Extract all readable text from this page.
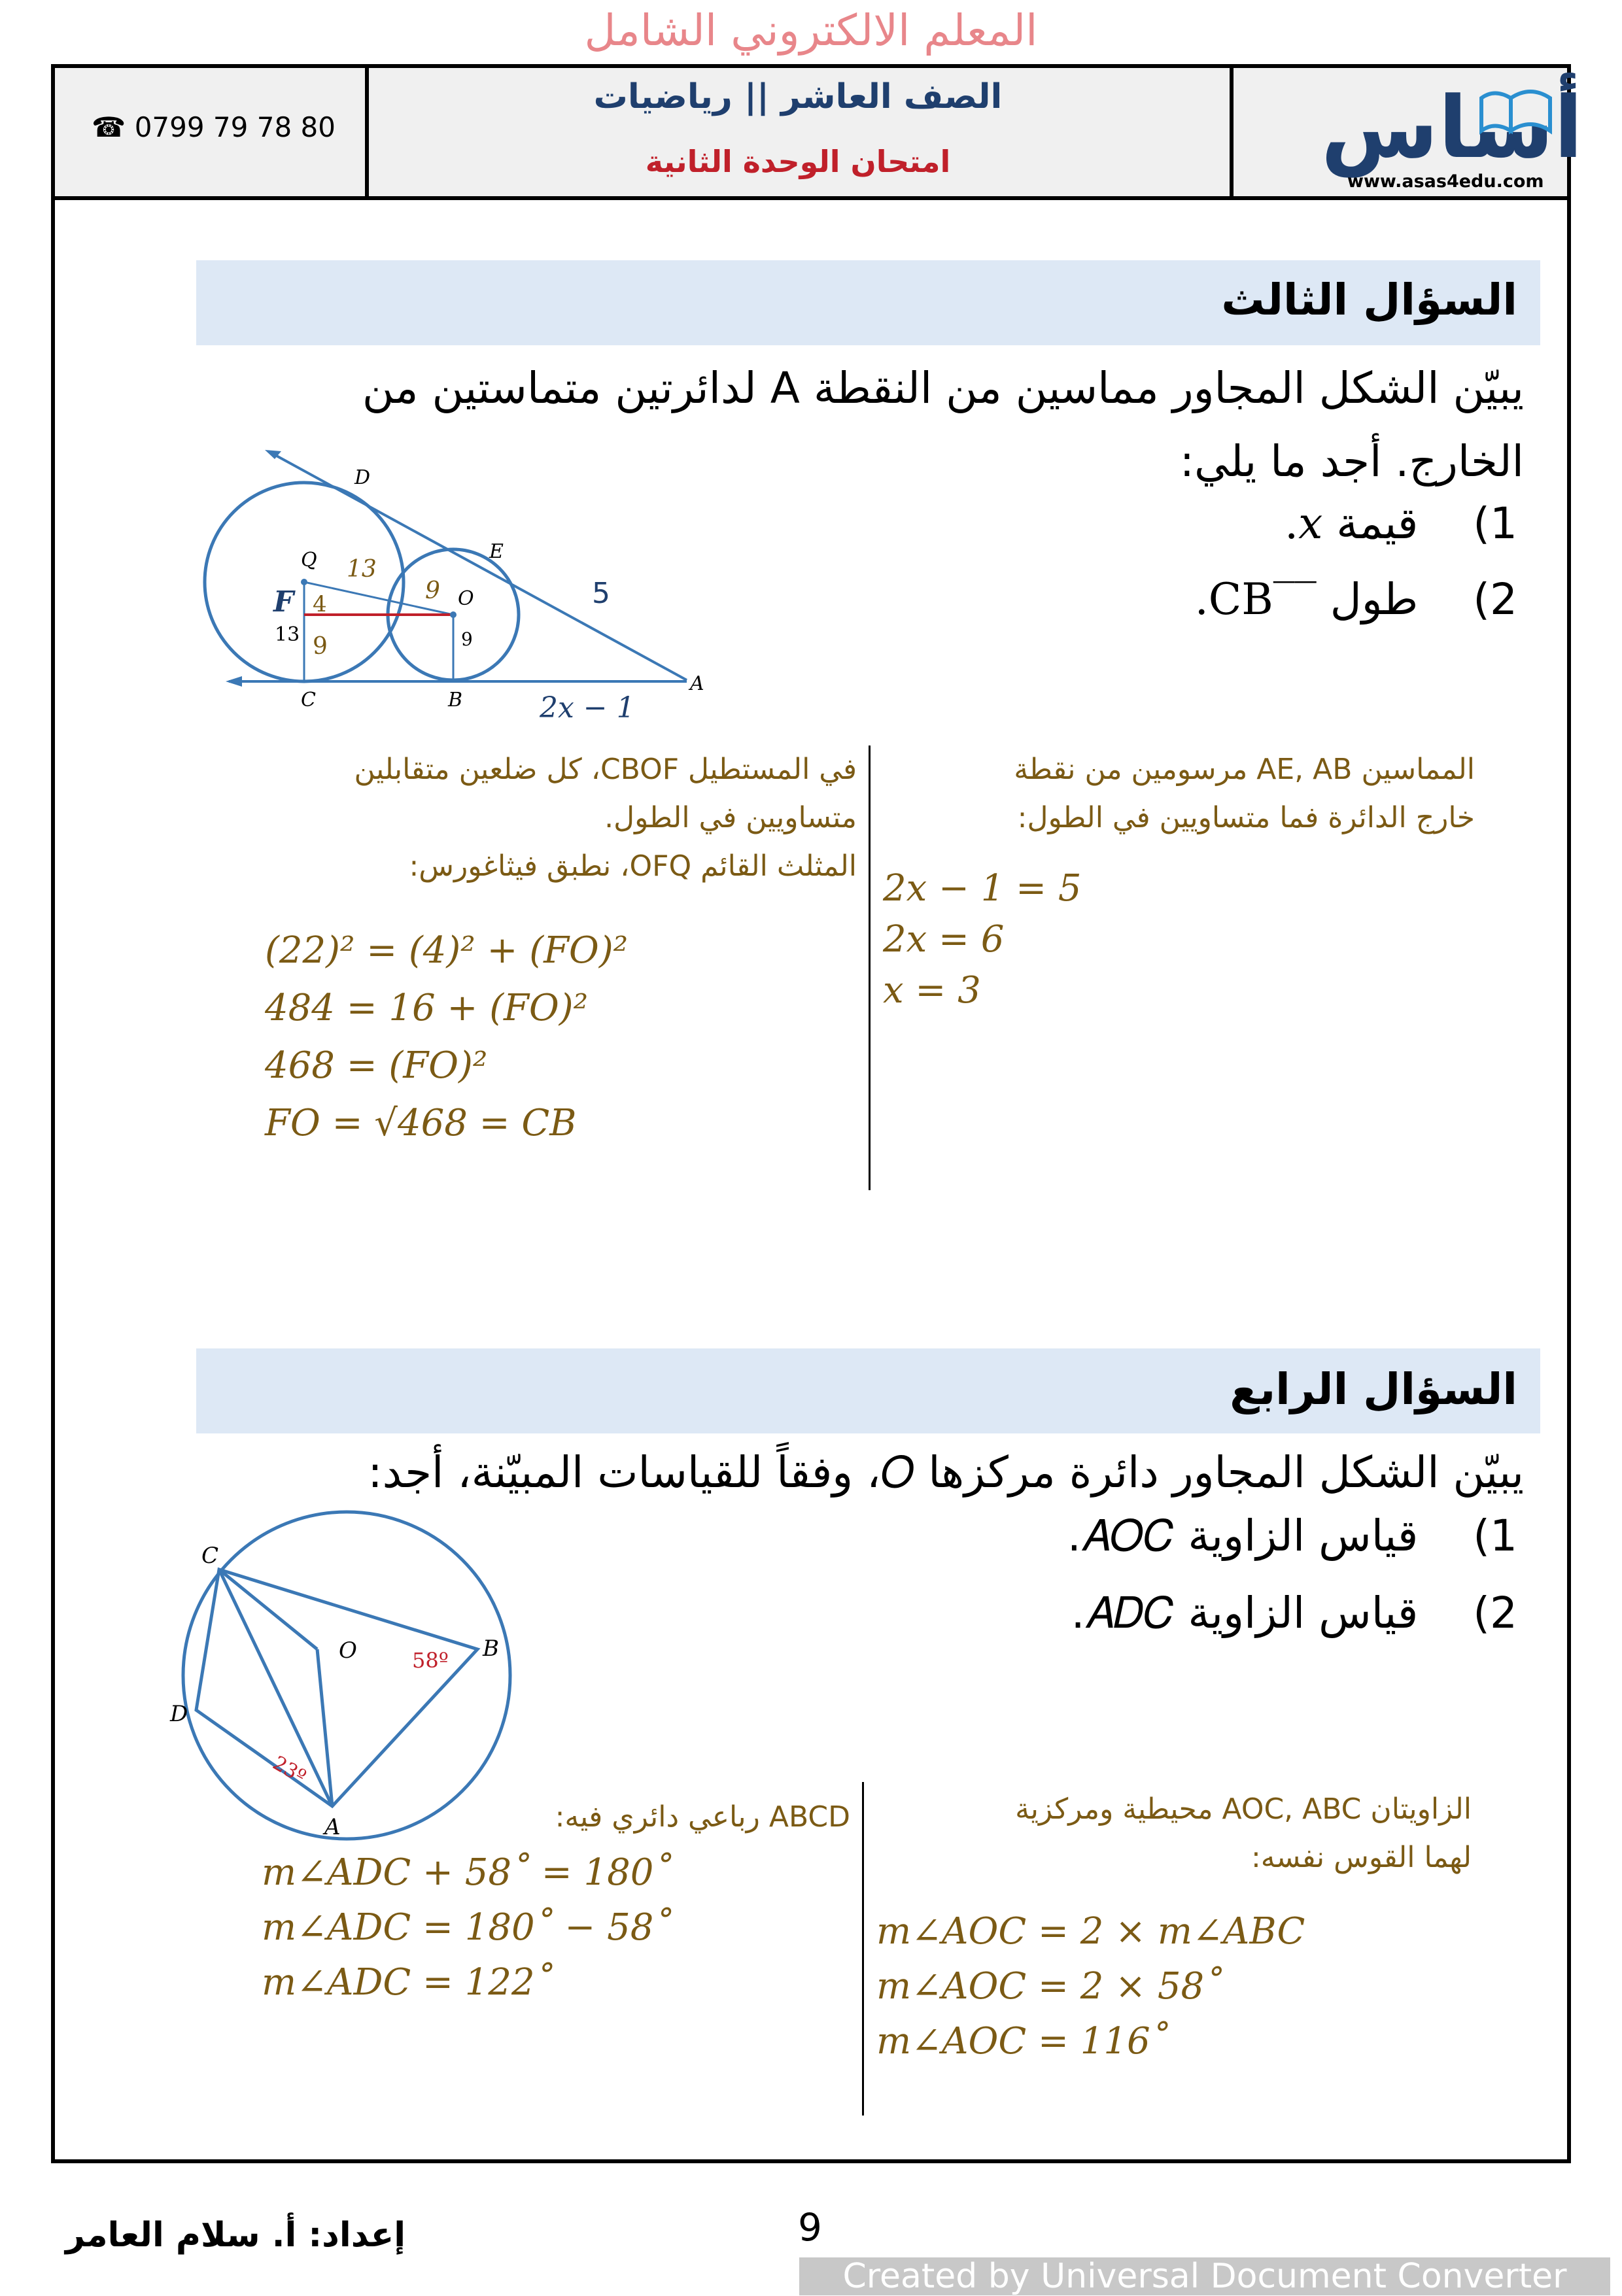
المعلم الالكتروني الشامل
☎︎ 0799 79 78 80
الصف العاشر || رياضيات
امتحان الوحدة الثانية	أساس
www.asas4edu.com
السؤال الثالث
يبيّن الشكل المجاور مماسين من النقطة A لدائرتين متماستين من الخارج. أجد ما يلي:
1)    قيمة 𝑥.
2)    طول ‾‾CB.
D
E
Q
O
F
C	B
A
13
4	9
13 9	9
5
2𝑥 − 1
المماسين AE, AB مرسومين من نقطة
خارج الدائرة فما متساويين في الطول:
2𝑥 − 1 = 5
2𝑥 = 6
𝑥 = 3
في المستطيل CBOF، كل ضلعين متقابلين
متساويين في الطول.
المثلث القائم OFQ، نطبق فيثاغورس:
(22)² = (4)² + (FO)²
484 = 16 + (FO)²
468 = (FO)²
FO = √468 = CB
السؤال الرابع
يبيّن الشكل المجاور دائرة مركزها 𝑂، وفقاً للقياسات المبيّنة، أجد:
1)    قياس الزاوية 𝐴𝑂𝐶.
2)    قياس الزاوية 𝐴𝐷𝐶.
C
O	B
D
A
58º
23º
الزاويتان AOC, ABC محيطية ومركزية
لهما القوس نفسه:
m∠AOC = 2 × m∠ABC
m∠AOC = 2 × 58˚
m∠AOC = 116˚
ABCD رباعي دائري فيه:
m∠ADC + 58˚ = 180˚
m∠ADC = 180˚ − 58˚
m∠ADC = 122˚
إعداد: أ. سلام العامر	9
Created by Universal Document Converter
